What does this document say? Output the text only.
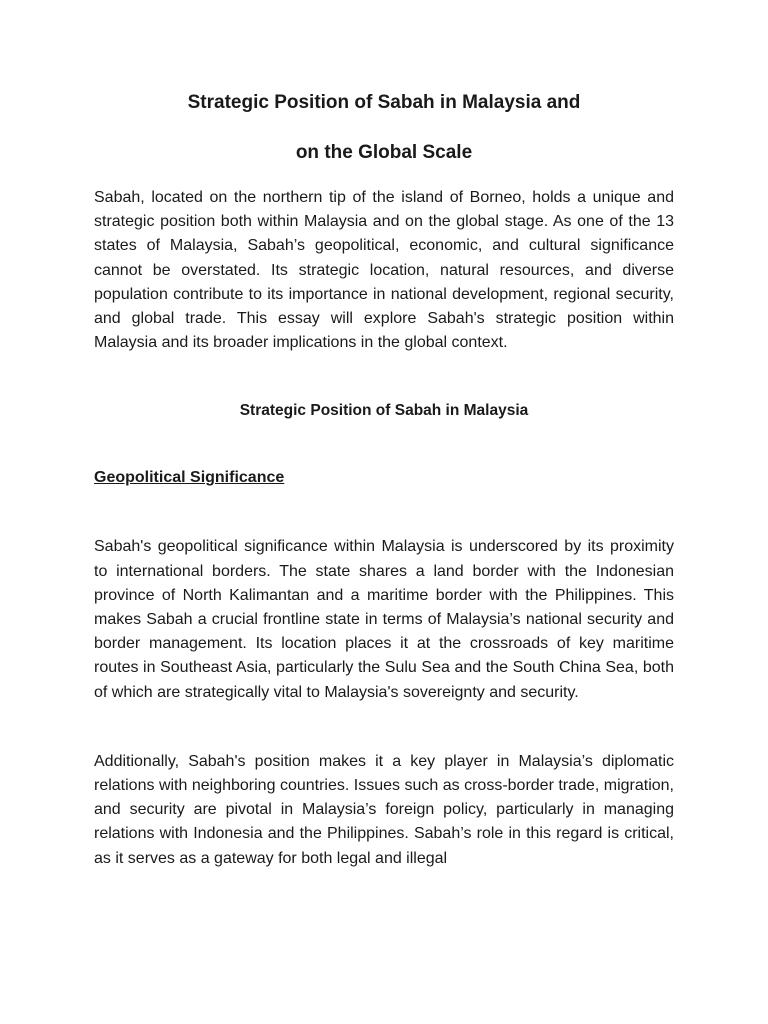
Strategic Position of Sabah in Malaysia and
on the Global Scale

Sabah, located on the northern tip of the island of Borneo, holds a unique and strategic position both within Malaysia and on the global stage. As one of the 13 states of Malaysia, Sabah’s geopolitical, economic, and cultural significance cannot be overstated. Its strategic location, natural resources, and diverse population contribute to its importance in national development, regional security, and global trade. This essay will explore Sabah's strategic position within Malaysia and its broader implications in the global context.

Strategic Position of Sabah in Malaysia
Geopolitical Significance

Sabah's geopolitical significance within Malaysia is underscored by its proximity to international borders. The state shares a land border with the Indonesian province of North Kalimantan and a maritime border with the Philippines. This makes Sabah a crucial frontline state in terms of Malaysia’s national security and border management. Its location places it at the crossroads of key maritime routes in Southeast Asia, particularly the Sulu Sea and the South China Sea, both of which are strategically vital to Malaysia's sovereignty and security.

Additionally, Sabah's position makes it a key player in Malaysia’s diplomatic relations with neighboring countries. Issues such as cross-border trade, migration, and security are pivotal in Malaysia’s foreign policy, particularly in managing relations with Indonesia and the Philippines. Sabah’s role in this regard is critical, as it serves as a gateway for both legal and illegal
